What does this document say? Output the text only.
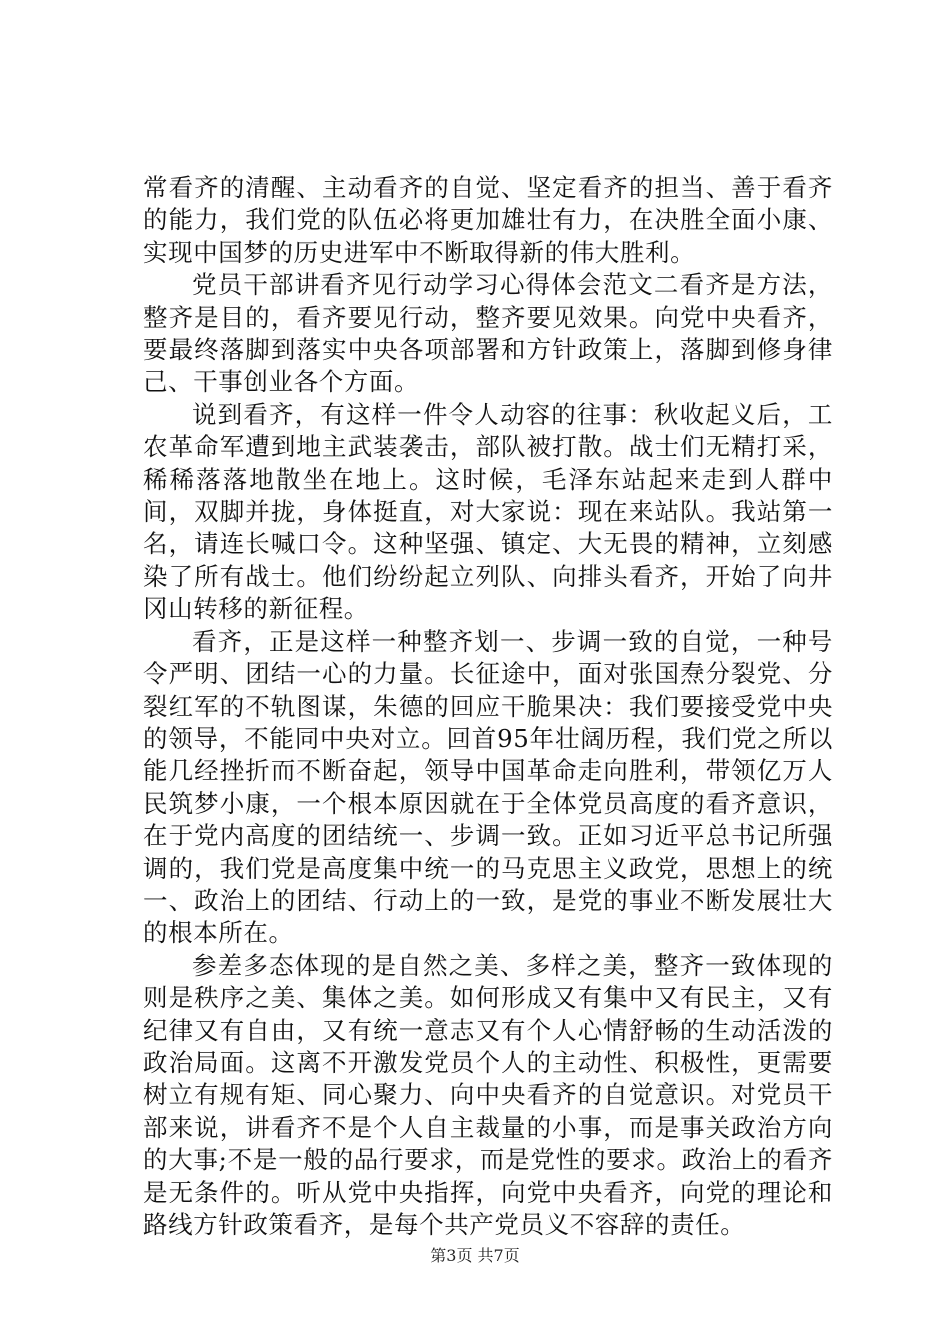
常看齐的清醒、主动看齐的自觉、坚定看齐的担当、善于看齐的能力，我们党的队伍必将更加雄壮有力，在决胜全面小康、实现中国梦的历史进军中不断取得新的伟大胜利。

党员干部讲看齐见行动学习心得体会范文二看齐是方法，整齐是目的，看齐要见行动，整齐要见效果。向党中央看齐，要最终落脚到落实中央各项部署和方针政策上，落脚到修身律己、干事创业各个方面。

说到看齐，有这样一件令人动容的往事：秋收起义后，工农革命军遭到地主武装袭击，部队被打散。战士们无精打采，稀稀落落地散坐在地上。这时候，毛泽东站起来走到人群中间，双脚并拢，身体挺直，对大家说：现在来站队。我站第一名，请连长喊口令。这种坚强、镇定、大无畏的精神，立刻感染了所有战士。他们纷纷起立列队、向排头看齐，开始了向井冈山转移的新征程。

看齐，正是这样一种整齐划一、步调一致的自觉，一种号令严明、团结一心的力量。长征途中，面对张国焘分裂党、分裂红军的不轨图谋，朱德的回应干脆果决：我们要接受党中央的领导，不能同中央对立。回首95年壮阔历程，我们党之所以能几经挫折而不断奋起，领导中国革命走向胜利，带领亿万人民筑梦小康，一个根本原因就在于全体党员高度的看齐意识，在于党内高度的团结统一、步调一致。正如习近平总书记所强调的，我们党是高度集中统一的马克思主义政党，思想上的统一、政治上的团结、行动上的一致，是党的事业不断发展壮大的根本所在。

参差多态体现的是自然之美、多样之美，整齐一致体现的则是秩序之美、集体之美。如何形成又有集中又有民主，又有纪律又有自由，又有统一意志又有个人心情舒畅的生动活泼的政治局面。这离不开激发党员个人的主动性、积极性，更需要树立有规有矩、同心聚力、向中央看齐的自觉意识。对党员干部来说，讲看齐不是个人自主裁量的小事，而是事关政治方向的大事;不是一般的品行要求，而是党性的要求。政治上的看齐是无条件的。听从党中央指挥，向党中央看齐，向党的理论和路线方针政策看齐，是每个共产党员义不容辞的责任。

第3页 共7页
